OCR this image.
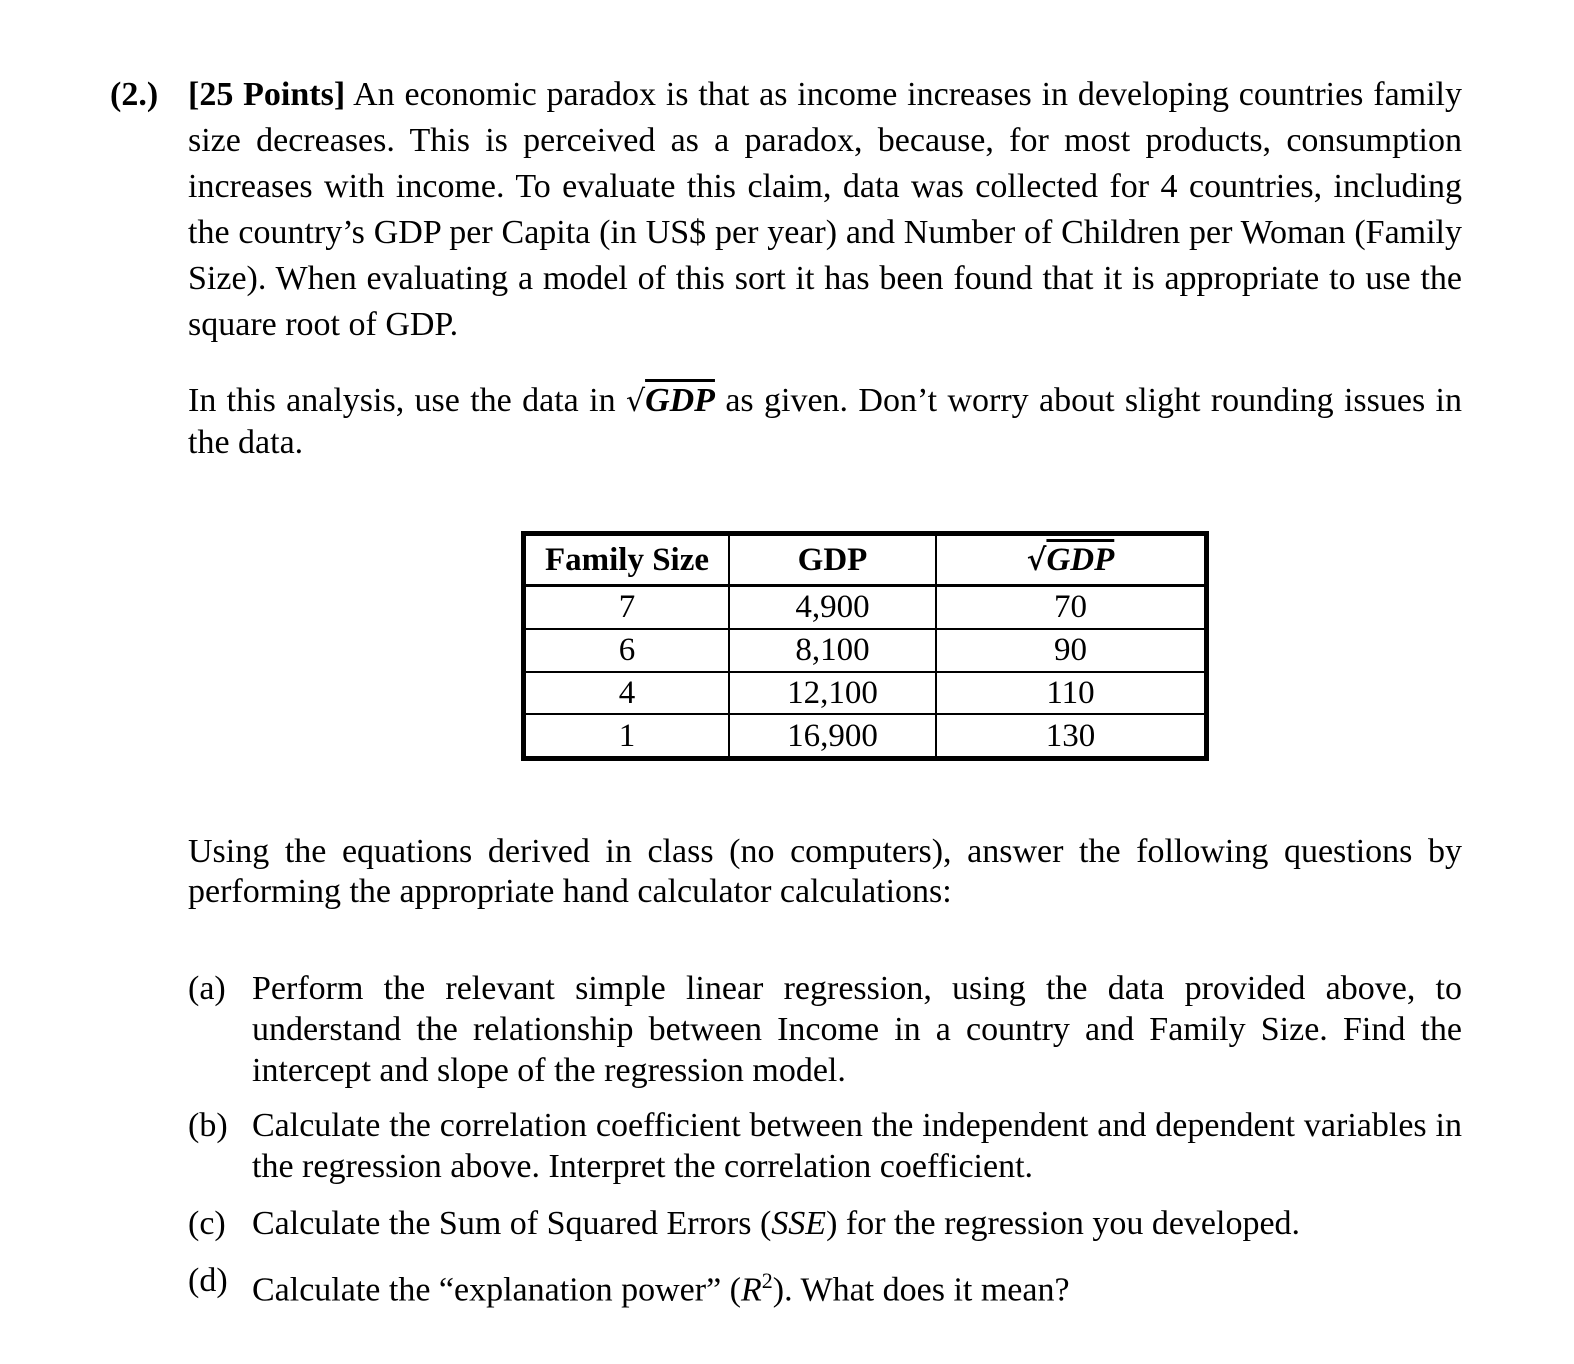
(2.) [25 Points] An economic paradox is that as income increases in developing countries family size decreases. This is perceived as a paradox, because, for most products, consumption increases with income. To evaluate this claim, data was collected for 4 countries, including the country’s GDP per Capita (in US$ per year) and Number of Children per Woman (Family Size). When evaluating a model of this sort it has been found that it is appropriate to use the square root of GDP.
In this analysis, use the data in √GDP as given. Don’t worry about slight rounding issues in the data.
Family Size	GDP	√GDP
7	4,900	70
6	8,100	90
4	12,100	110
1	16,900	130
Using the equations derived in class (no computers), answer the following questions by performing the appropriate hand calculator calculations:
(a) Perform the relevant simple linear regression, using the data provided above, to understand the relationship between Income in a country and Family Size. Find the intercept and slope of the regression model.
(b) Calculate the correlation coefficient between the independent and dependent variables in the regression above. Interpret the correlation coefficient.
(c) Calculate the Sum of Squared Errors (SSE) for the regression you developed.
(d) Calculate the “explanation power” $(R^2)$. What does it mean?
